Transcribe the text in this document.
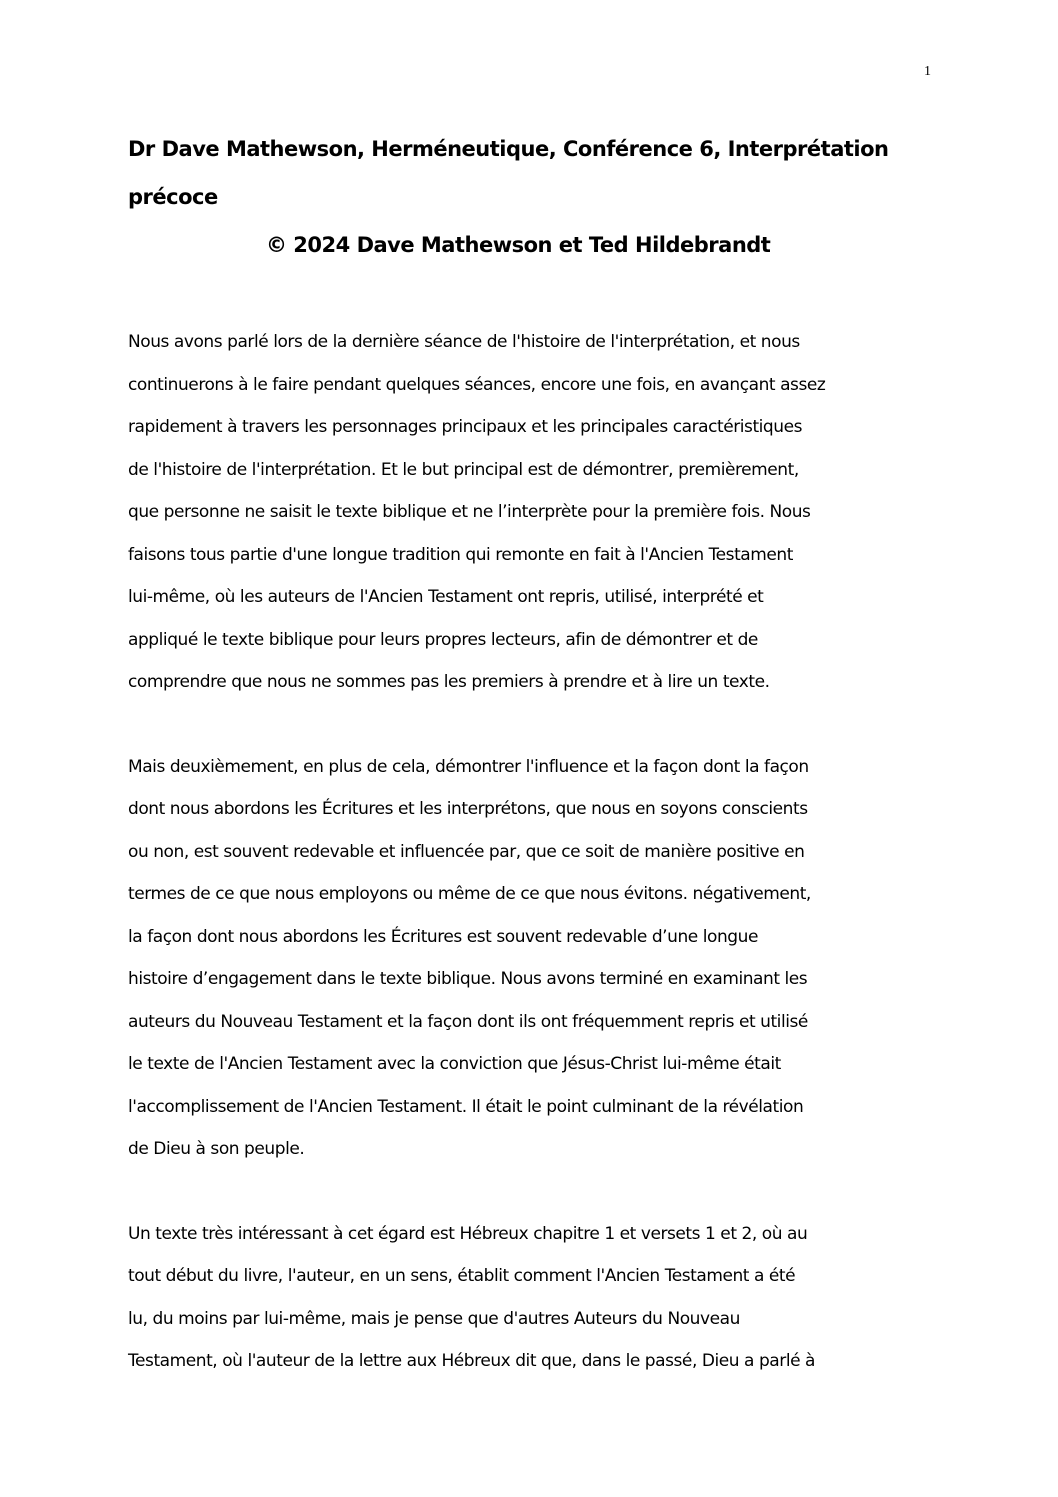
1

Dr Dave Mathewson, Herméneutique, Conférence 6, Interprétation

précoce

© 2024 Dave Mathewson et Ted Hildebrandt

Nous avons parlé lors de la dernière séance de l'histoire de l'interprétation, et nous

continuerons à le faire pendant quelques séances, encore une fois, en avançant assez

rapidement à travers les personnages principaux et les principales caractéristiques

de l'histoire de l'interprétation. Et le but principal est de démontrer, premièrement,

que personne ne saisit le texte biblique et ne l’interprète pour la première fois. Nous

faisons tous partie d'une longue tradition qui remonte en fait à l'Ancien Testament

lui-même, où les auteurs de l'Ancien Testament ont repris, utilisé, interprété et

appliqué le texte biblique pour leurs propres lecteurs, afin de démontrer et de

comprendre que nous ne sommes pas les premiers à prendre et à lire un texte.

Mais deuxièmement, en plus de cela, démontrer l'influence et la façon dont la façon

dont nous abordons les Écritures et les interprétons, que nous en soyons conscients

ou non, est souvent redevable et influencée par, que ce soit de manière positive en

termes de ce que nous employons ou même de ce que nous évitons. négativement,

la façon dont nous abordons les Écritures est souvent redevable d’une longue

histoire d’engagement dans le texte biblique. Nous avons terminé en examinant les

auteurs du Nouveau Testament et la façon dont ils ont fréquemment repris et utilisé

le texte de l'Ancien Testament avec la conviction que Jésus-Christ lui-même était

l'accomplissement de l'Ancien Testament. Il était le point culminant de la révélation

de Dieu à son peuple.

Un texte très intéressant à cet égard est Hébreux chapitre 1 et versets 1 et 2, où au

tout début du livre, l'auteur, en un sens, établit comment l'Ancien Testament a été

lu, du moins par lui-même, mais je pense que d'autres Auteurs du Nouveau

Testament, où l'auteur de la lettre aux Hébreux dit que, dans le passé, Dieu a parlé à
